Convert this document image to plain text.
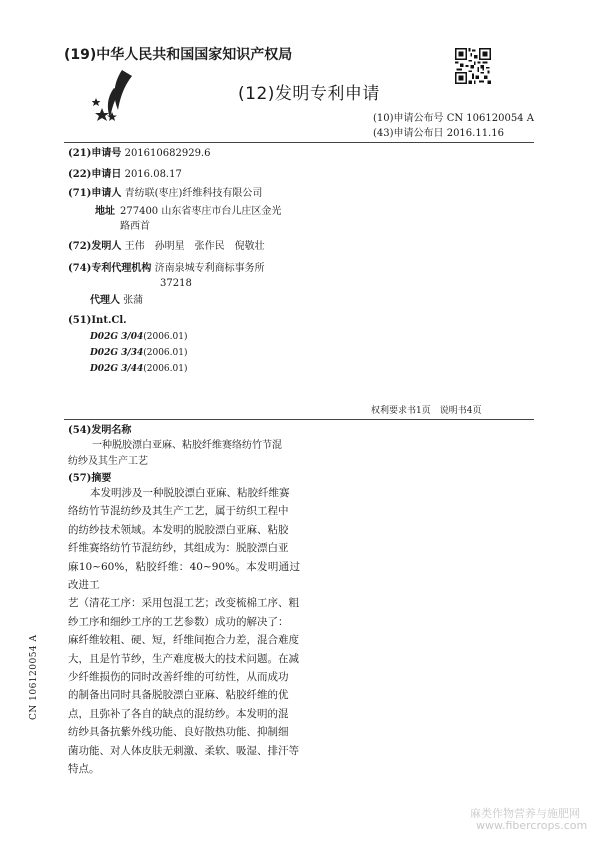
(19)中华人民共和国国家知识产权局
(12)发明专利申请
(10)申请公布号 CN 106120054 A
(43)申请公布日 2016.11.16
(21)申请号 201610682929.6
(22)申请日 2016.08.17
(71)申请人 青纺联(枣庄)纤维科技有限公司
地址 277400 山东省枣庄市台儿庄区金光
路西首
(72)发明人 王伟　孙明星　张作民　倪敬壮
(74)专利代理机构 济南泉城专利商标事务所
37218
代理人 张蒲
(51)Int.Cl.
D02G 3/04(2006.01)
D02G 3/34(2006.01)
D02G 3/44(2006.01)
权利要求书1页　说明书4页
(54)发明名称
一种脱胶漂白亚麻、粘胶纤维赛络纺竹节混
纺纱及其生产工艺
(57)摘要
本发明涉及一种脱胶漂白亚麻、粘胶纤维赛
络纺竹节混纺纱及其生产工艺，属于纺织工程中
的纺纱技术领域。本发明的脱胶漂白亚麻、粘胶
纤维赛络纺竹节混纺纱，其组成为：脱胶漂白亚
麻10~60%，粘胶纤维：40~90%。本发明通过改进工
艺（清花工序：采用包混工艺；改变梳棉工序、粗
纱工序和细纱工序的工艺参数）成功的解决了：
麻纤维较粗、硬、短，纤维间抱合力差，混合难度
大，且是竹节纱，生产难度极大的技术问题。在减
少纤维损伤的同时改善纤维的可纺性，从而成功
的制备出同时具备脱胶漂白亚麻、粘胶纤维的优
点，且弥补了各自的缺点的混纺纱。本发明的混
纺纱具备抗紫外线功能、良好散热功能、抑制细
菌功能、对人体皮肤无刺激、柔软、吸湿、排汗等
特点。
CN 106120054 A
麻类作物营养与施肥网
www.fibercrops.com
